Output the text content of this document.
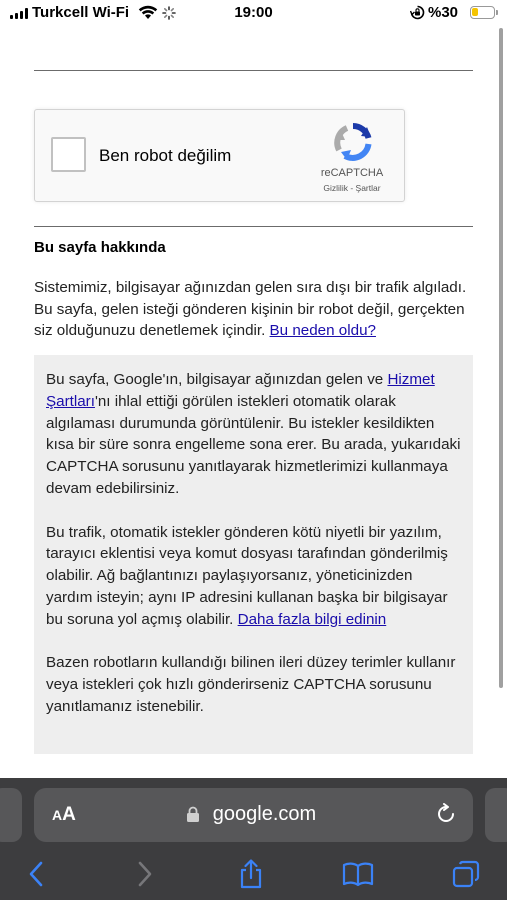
Turkcell Wi-Fi	19:00	%30
Ben robot değilim
reCAPTCHA
Gizlilik - Şartlar
Bu sayfa hakkında
Sistemimiz, bilgisayar ağınızdan gelen sıra dışı bir trafik algıladı. Bu sayfa, gelen isteği gönderen kişinin bir robot değil, gerçekten siz olduğunuzu denetlemek içindir. Bu neden oldu?

Bu sayfa, Google'ın, bilgisayar ağınızdan gelen ve Hizmet Şartları'nı ihlal ettiği görülen istekleri otomatik olarak algılaması durumunda görüntülenir. Bu istekler kesildikten kısa bir süre sonra engelleme sona erer. Bu arada, yukarıdaki CAPTCHA sorusunu yanıtlayarak hizmetlerimizi kullanmaya devam edebilirsiniz.

Bu trafik, otomatik istekler gönderen kötü niyetli bir yazılım, tarayıcı eklentisi veya komut dosyası tarafından gönderilmiş olabilir. Ağ bağlantınızı paylaşıyorsanız, yöneticinizden yardım isteyin; aynı IP adresini kullanan başka bir bilgisayar bu soruna yol açmış olabilir. Daha fazla bilgi edinin

Bazen robotların kullandığı bilinen ileri düzey terimler kullanır veya istekleri çok hızlı gönderirseniz CAPTCHA sorusunu yanıtlamanız istenebilir.

AA	google.com
